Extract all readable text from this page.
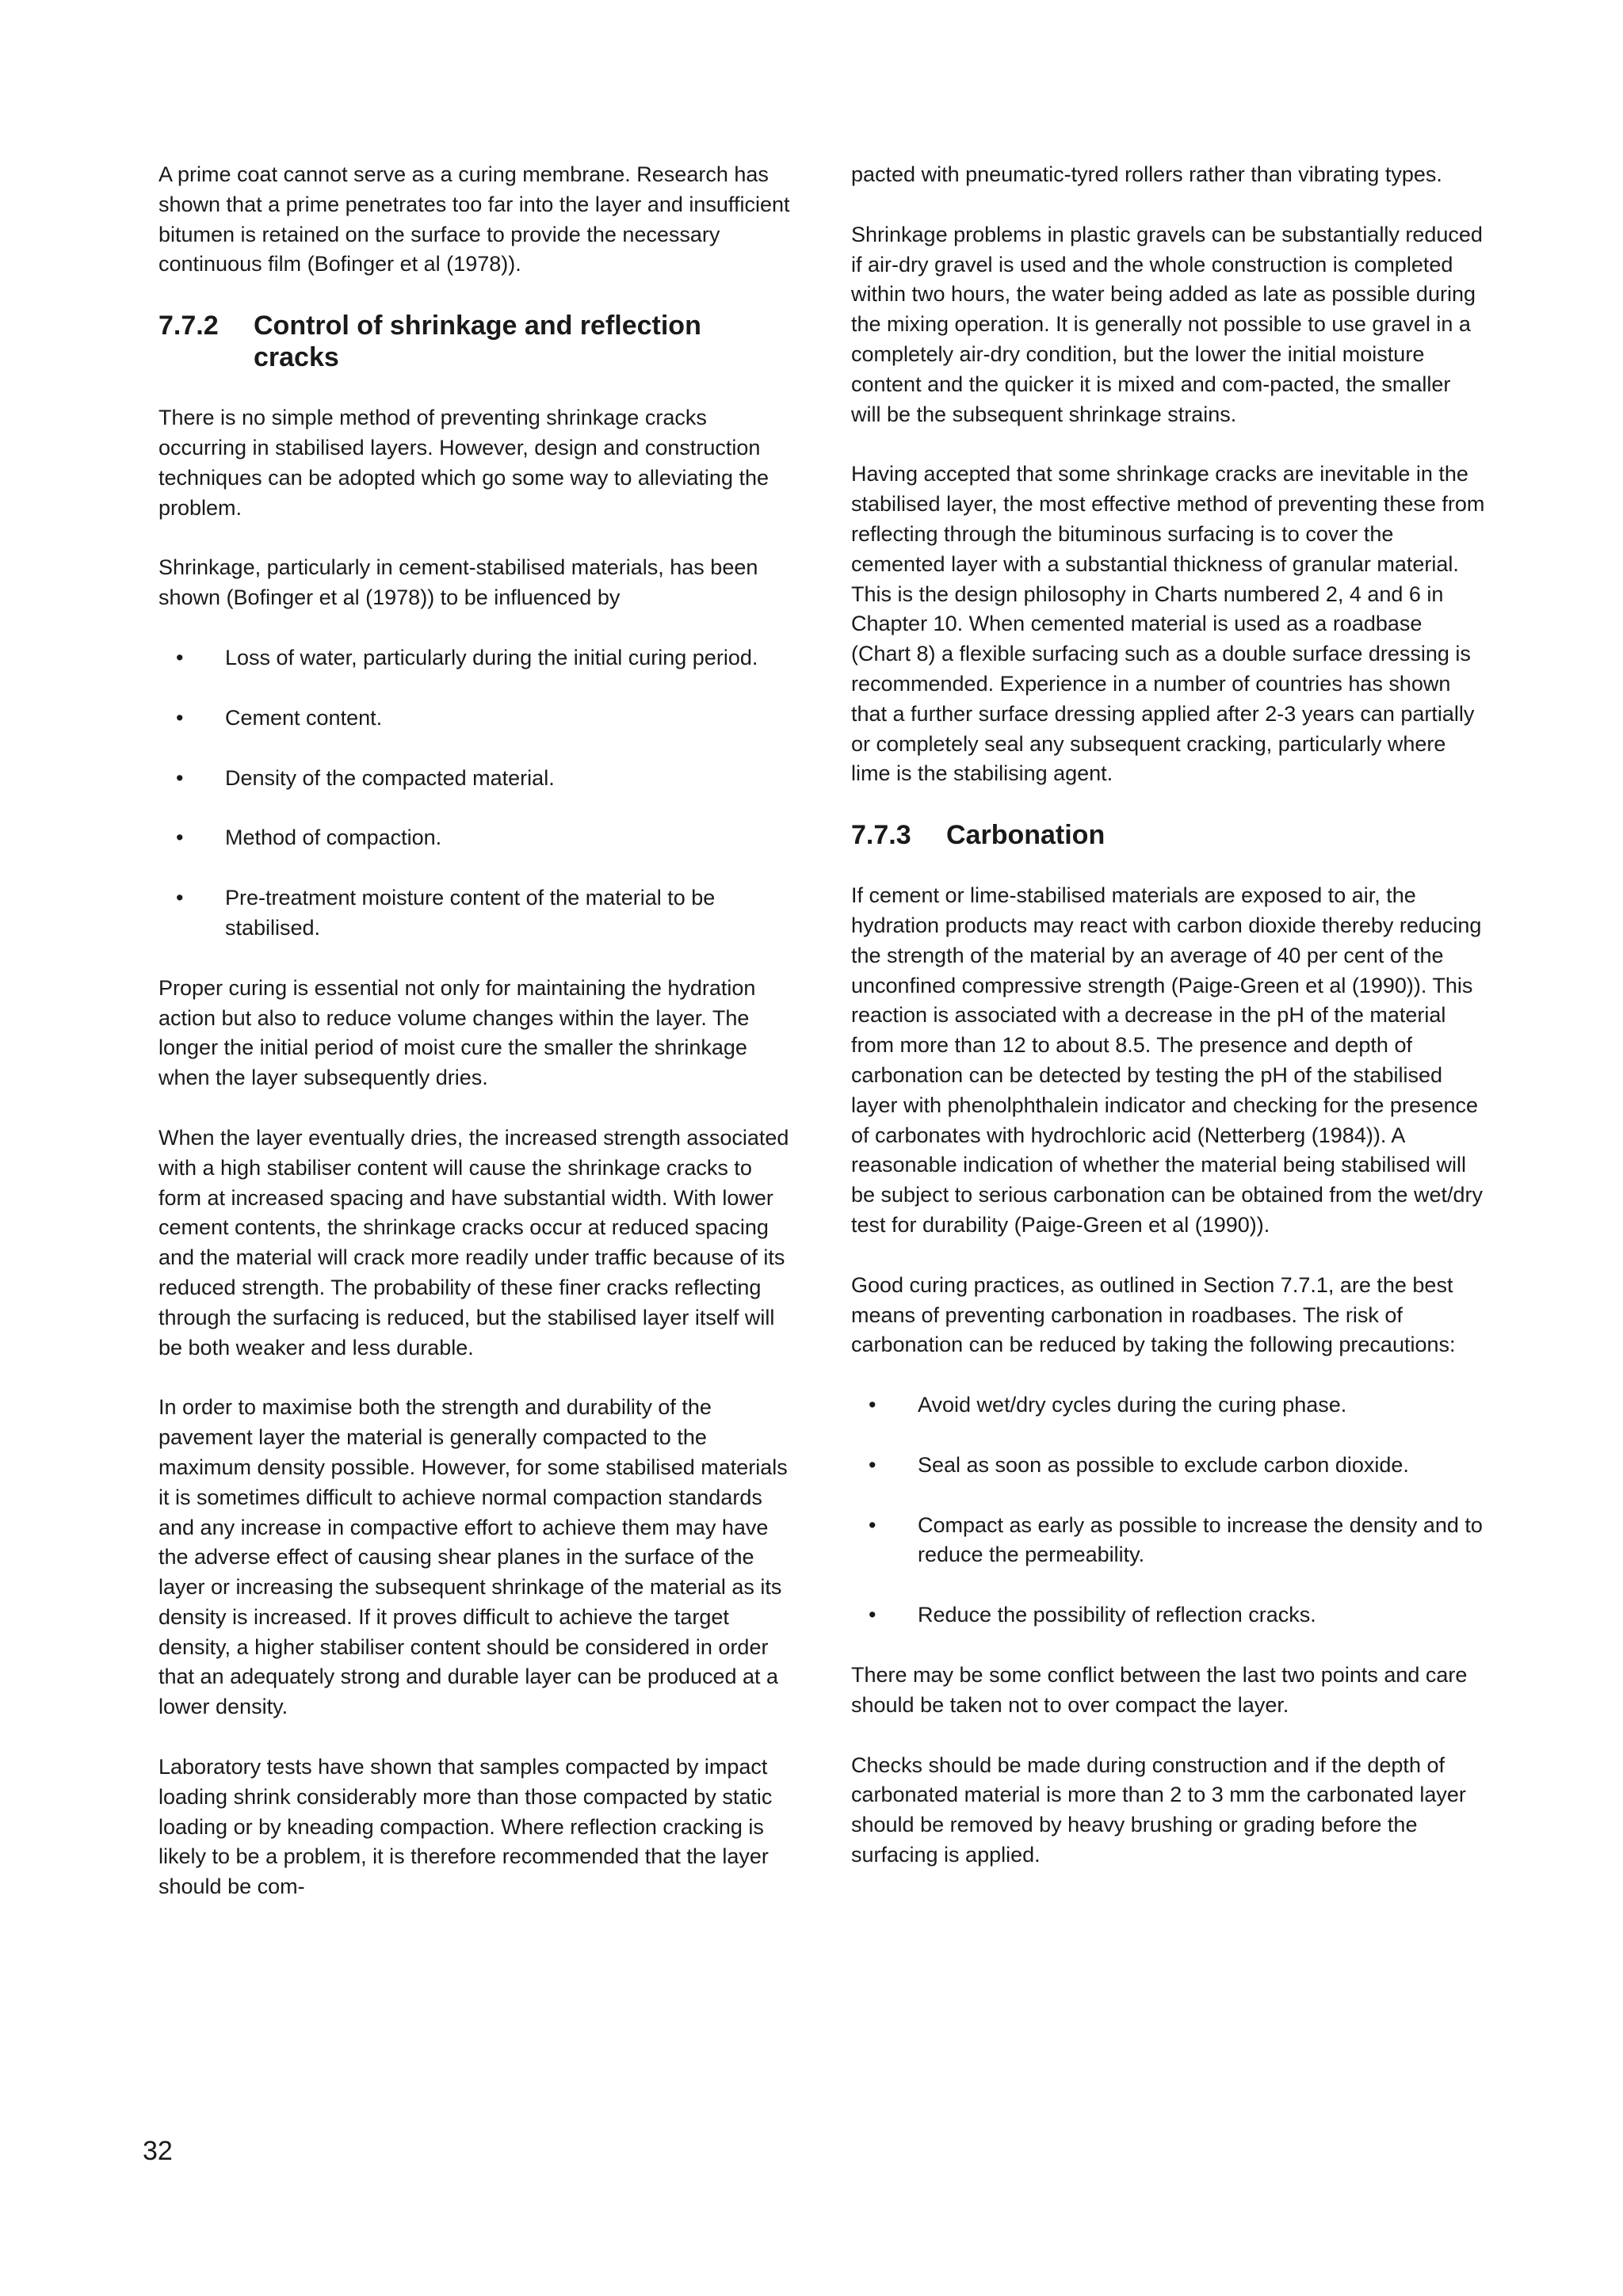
A prime coat cannot serve as a curing membrane. Research has shown that a prime penetrates too far into the layer and insufficient bitumen is retained on the surface to provide the necessary continuous film (Bofinger et al (1978)).

7.7.2	Control of shrinkage and reflection cracks

There is no simple method of preventing shrinkage cracks occurring in stabilised layers. However, design and construction techniques can be adopted which go some way to alleviating the problem.

Shrinkage, particularly in cement-stabilised materials, has been shown (Bofinger et al (1978)) to be influenced by

• Loss of water, particularly during the initial curing period.
• Cement content.
• Density of the compacted material.
• Method of compaction.
• Pre-treatment moisture content of the material to be stabilised.

Proper curing is essential not only for maintaining the hydration action but also to reduce volume changes within the layer. The longer the initial period of moist cure the smaller the shrinkage when the layer subsequently dries.

When the layer eventually dries, the increased strength associated with a high stabiliser content will cause the shrinkage cracks to form at increased spacing and have substantial width. With lower cement contents, the shrinkage cracks occur at reduced spacing and the material will crack more readily under traffic because of its reduced strength. The probability of these finer cracks reflecting through the surfacing is reduced, but the stabilised layer itself will be both weaker and less durable.

In order to maximise both the strength and durability of the pavement layer the material is generally compacted to the maximum density possible. However, for some stabilised materials it is sometimes difficult to achieve normal compaction standards and any increase in compactive effort to achieve them may have the adverse effect of causing shear planes in the surface of the layer or increasing the subsequent shrinkage of the material as its density is increased. If it proves difficult to achieve the target density, a higher stabiliser content should be considered in order that an adequately strong and durable layer can be produced at a lower density.

Laboratory tests have shown that samples compacted by impact loading shrink considerably more than those compacted by static loading or by kneading compaction. Where reflection cracking is likely to be a problem, it is therefore recommended that the layer should be com-

pacted with pneumatic-tyred rollers rather than vibrating types.

Shrinkage problems in plastic gravels can be substantially reduced if air-dry gravel is used and the whole construction is completed within two hours, the water being added as late as possible during the mixing operation. It is generally not possible to use gravel in a completely air-dry condition, but the lower the initial moisture content and the quicker it is mixed and com-pacted, the smaller will be the subsequent shrinkage strains.

Having accepted that some shrinkage cracks are inevitable in the stabilised layer, the most effective method of preventing these from reflecting through the bituminous surfacing is to cover the cemented layer with a substantial thickness of granular material. This is the design philosophy in Charts numbered 2, 4 and 6 in Chapter 10. When cemented material is used as a roadbase (Chart 8) a flexible surfacing such as a double surface dressing is recommended. Experience in a number of countries has shown that a further surface dressing applied after 2-3 years can partially or completely seal any subsequent cracking, particularly where lime is the stabilising agent.

7.7.3	Carbonation

If cement or lime-stabilised materials are exposed to air, the hydration products may react with carbon dioxide thereby reducing the strength of the material by an average of 40 per cent of the unconfined compressive strength (Paige-Green et al (1990)). This reaction is associated with a decrease in the pH of the material from more than 12 to about 8.5. The presence and depth of carbonation can be detected by testing the pH of the stabilised layer with phenolphthalein indicator and checking for the presence of carbonates with hydrochloric acid (Netterberg (1984)). A reasonable indication of whether the material being stabilised will be subject to serious carbonation can be obtained from the wet/dry test for durability (Paige-Green et al (1990)).

Good curing practices, as outlined in Section 7.7.1, are the best means of preventing carbonation in roadbases. The risk of carbonation can be reduced by taking the following precautions:

• Avoid wet/dry cycles during the curing phase.
• Seal as soon as possible to exclude carbon dioxide.
• Compact as early as possible to increase the density and to reduce the permeability.
• Reduce the possibility of reflection cracks.

There may be some conflict between the last two points and care should be taken not to over compact the layer.

Checks should be made during construction and if the depth of carbonated material is more than 2 to 3 mm the carbonated layer should be removed by heavy brushing or grading before the surfacing is applied.

32
